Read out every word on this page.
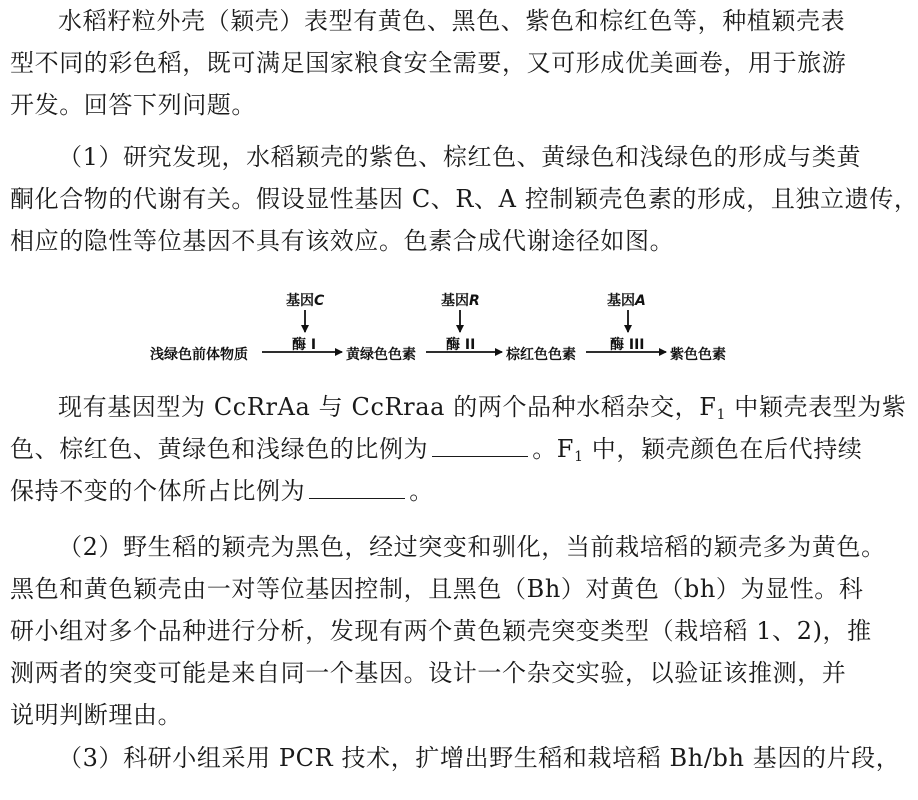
水稻籽粒外壳（颖壳）表型有黄色、黑色、紫色和棕红色等，种植颖壳表
型不同的彩色稻，既可满足国家粮食安全需要，又可形成优美画卷，用于旅游
开发。回答下列问题。
（1）研究发现，水稻颖壳的紫色、棕红色、黄绿色和浅绿色的形成与类黄
酮化合物的代谢有关。假设显性基因 C、R、A 控制颖壳色素的形成，且独立遗传，
相应的隐性等位基因不具有该效应。色素合成代谢途径如图。
基因C	基因R	基因A
酶 I	酶 II	酶 III
浅绿色前体物质	黄绿色色素	棕红色色素	紫色色素
现有基因型为 CcRrAa 与 CcRraa 的两个品种水稻杂交，$F_1$ 中颖壳表型为紫
色、棕红色、黄绿色和浅绿色的比例为	。$F_1$ 中，颖壳颜色在后代持续
保持不变的个体所占比例为	。
（2）野生稻的颖壳为黑色，经过突变和驯化，当前栽培稻的颖壳多为黄色。
黑色和黄色颖壳由一对等位基因控制，且黑色（Bh）对黄色（bh）为显性。科
研小组对多个品种进行分析，发现有两个黄色颖壳突变类型（栽培稻 1、2)，推
测两者的突变可能是来自同一个基因。设计一个杂交实验，以验证该推测，并
说明判断理由。
（3）科研小组采用 PCR 技术，扩增出野生稻和栽培稻 Bh/bh 基因的片段，
